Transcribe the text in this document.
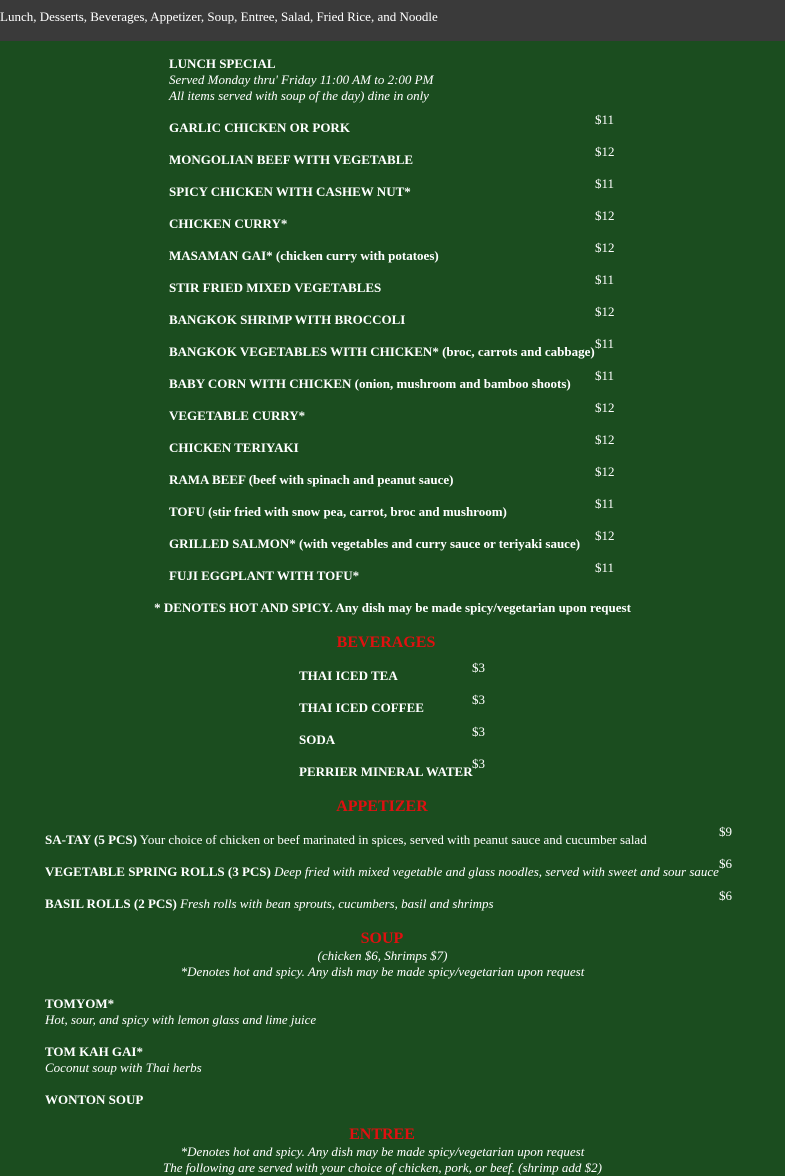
Lunch, Desserts, Beverages, Appetizer, Soup, Entree, Salad, Fried Rice, and Noodle
LUNCH SPECIAL
Served Monday thru' Friday 11:00 AM to 2:00 PM
All items served with soup of the day) dine in only
GARLIC CHICKEN OR PORK
$11
MONGOLIAN BEEF WITH VEGETABLE
$12
SPICY CHICKEN WITH CASHEW NUT*
$11
CHICKEN CURRY*
$12
MASAMAN GAI* (chicken curry with potatoes)
$12
STIR FRIED MIXED VEGETABLES
$11
BANGKOK SHRIMP WITH BROCCOLI
$12
BANGKOK VEGETABLES WITH CHICKEN* (broc, carrots and cabbage)
$11
BABY CORN WITH CHICKEN (onion, mushroom and bamboo shoots)
$11
VEGETABLE CURRY*
$12
CHICKEN TERIYAKI
$12
RAMA BEEF (beef with spinach and peanut sauce)
$12
TOFU (stir fried with snow pea, carrot, broc and mushroom)
$11
GRILLED SALMON* (with vegetables and curry sauce or teriyaki sauce)
$12
FUJI EGGPLANT WITH TOFU*
$11
* DENOTES HOT AND SPICY. Any dish may be made spicy/vegetarian upon request
BEVERAGES
THAI ICED TEA
$3
THAI ICED COFFEE
$3
SODA
$3
PERRIER MINERAL WATER
$3
APPETIZER
SA-TAY (5 PCS) Your choice of chicken or beef marinated in spices, served with peanut sauce and cucumber salad
$9
VEGETABLE SPRING ROLLS (3 PCS) Deep fried with mixed vegetable and glass noodles, served with sweet and sour sauce
$6
BASIL ROLLS (2 PCS) Fresh rolls with bean sprouts, cucumbers, basil and shrimps
$6
SOUP
(chicken $6, Shrimps $7)
*Denotes hot and spicy. Any dish may be made spicy/vegetarian upon request
TOMYOM*
Hot, sour, and spicy with lemon glass and lime juice
TOM KAH GAI*
Coconut soup with Thai herbs
WONTON SOUP
ENTREE
*Denotes hot and spicy. Any dish may be made spicy/vegetarian upon request
The following are served with your choice of chicken, pork, or beef. (shrimp add $2)
